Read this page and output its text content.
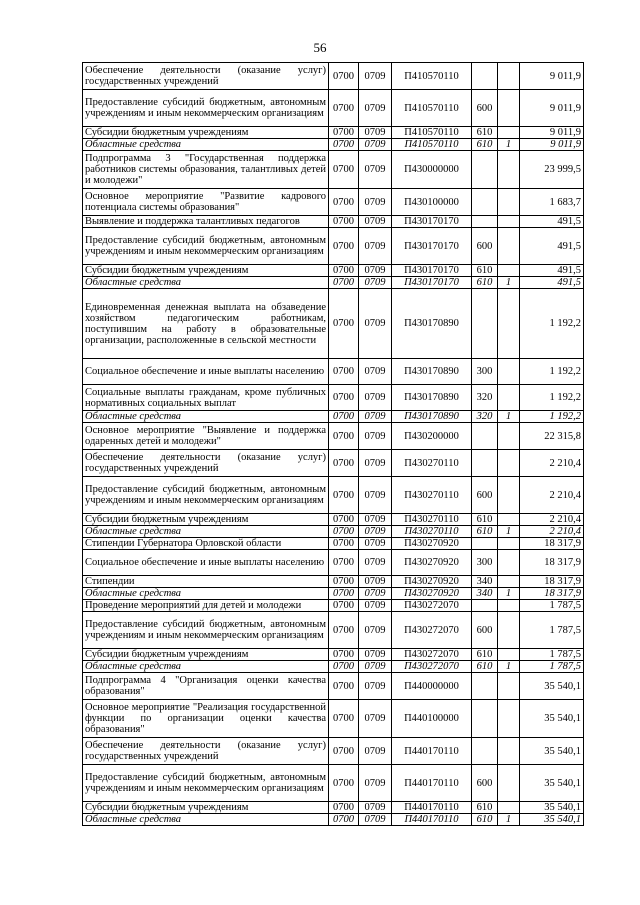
56
Обеспечение деятельности (оказание услуг) государственных учреждений	0700	0709	П410570110			9 011,9
Предоставление субсидий бюджетным, автономным учреждениям и иным некоммерческим организациям	0700	0709	П410570110	600		9 011,9
Субсидии бюджетным учреждениям	0700	0709	П410570110	610		9 011,9
Областные средства	0700	0709	П410570110	610	1	9 011,9
Подпрограмма 3 "Государственная поддержка работников системы образования, талантливых детей и молодежи"	0700	0709	П430000000			23 999,5
Основное мероприятие "Развитие кадрового потенциала системы образования"	0700	0709	П430100000			1 683,7
Выявление и поддержка талантливых педагогов	0700	0709	П430170170			491,5
Предоставление субсидий бюджетным, автономным учреждениям и иным некоммерческим организациям	0700	0709	П430170170	600		491,5
Субсидии бюджетным учреждениям	0700	0709	П430170170	610		491,5
Областные средства	0700	0709	П430170170	610	1	491,5
Единовременная денежная выплата на обзаведение хозяйством педагогическим работникам, поступившим на работу в образовательные организации, расположенные в сельской местности	0700	0709	П430170890			1 192,2
Социальное обеспечение и иные выплаты населению	0700	0709	П430170890	300		1 192,2
Социальные выплаты гражданам, кроме публичных нормативных социальных выплат	0700	0709	П430170890	320		1 192,2
Областные средства	0700	0709	П430170890	320	1	1 192,2
Основное мероприятие "Выявление и поддержка одаренных детей и молодежи"	0700	0709	П430200000			22 315,8
Обеспечение деятельности (оказание услуг) государственных учреждений	0700	0709	П430270110			2 210,4
Предоставление субсидий бюджетным, автономным учреждениям и иным некоммерческим организациям	0700	0709	П430270110	600		2 210,4
Субсидии бюджетным учреждениям	0700	0709	П430270110	610		2 210,4
Областные средства	0700	0709	П430270110	610	1	2 210,4
Стипендии Губернатора Орловской области	0700	0709	П430270920			18 317,9
Социальное обеспечение и иные выплаты населению	0700	0709	П430270920	300		18 317,9
Стипендии	0700	0709	П430270920	340		18 317,9
Областные средства	0700	0709	П430270920	340	1	18 317,9
Проведение мероприятий для детей и молодежи	0700	0709	П430272070			1 787,5
Предоставление субсидий бюджетным, автономным учреждениям и иным некоммерческим организациям	0700	0709	П430272070	600		1 787,5
Субсидии бюджетным учреждениям	0700	0709	П430272070	610		1 787,5
Областные средства	0700	0709	П430272070	610	1	1 787,5
Подпрограмма 4 "Организация оценки качества образования"	0700	0709	П440000000			35 540,1
Основное мероприятие "Реализация государственной функции по организации оценки качества образования"	0700	0709	П440100000			35 540,1
Обеспечение деятельности (оказание услуг) государственных учреждений	0700	0709	П440170110			35 540,1
Предоставление субсидий бюджетным, автономным учреждениям и иным некоммерческим организациям	0700	0709	П440170110	600		35 540,1
Субсидии бюджетным учреждениям	0700	0709	П440170110	610		35 540,1
Областные средства	0700	0709	П440170110	610	1	35 540,1
